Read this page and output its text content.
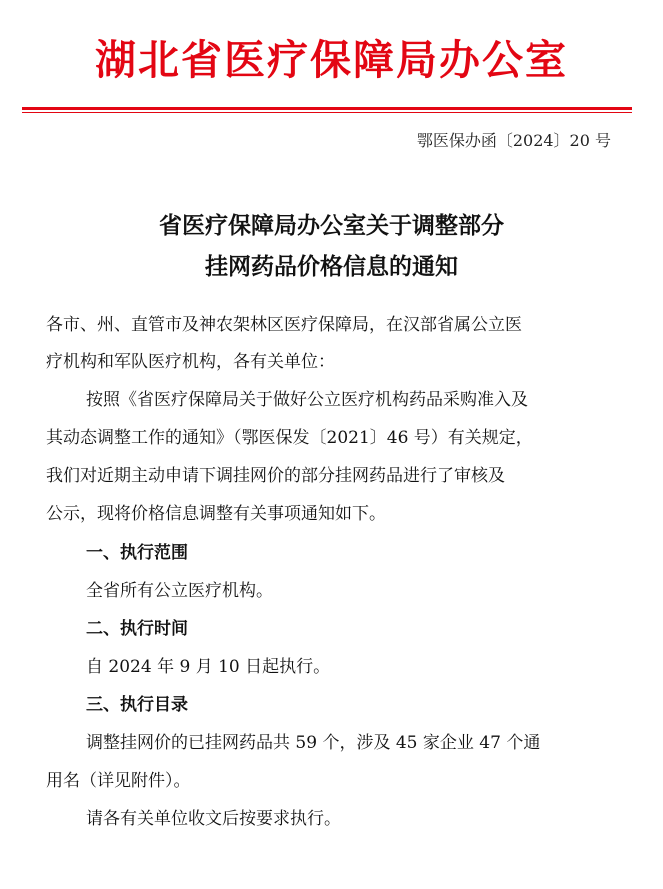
湖北省医疗保障局办公室
鄂医保办函〔2024〕20 号
省医疗保障局办公室关于调整部分
挂网药品价格信息的通知
各市、州、直管市及神农架林区医疗保障局，在汉部省属公立医
疗机构和军队医疗机构，各有关单位：
按照《省医疗保障局关于做好公立医疗机构药品采购准入及
其动态调整工作的通知》（鄂医保发〔2021〕46 号）有关规定，
我们对近期主动申请下调挂网价的部分挂网药品进行了审核及
公示，现将价格信息调整有关事项通知如下。
一、执行范围
全省所有公立医疗机构。
二、执行时间
自 2024 年 9 月 10 日起执行。
三、执行目录
调整挂网价的已挂网药品共 59 个，涉及 45 家企业 47 个通
用名（详见附件）。
请各有关单位收文后按要求执行。
